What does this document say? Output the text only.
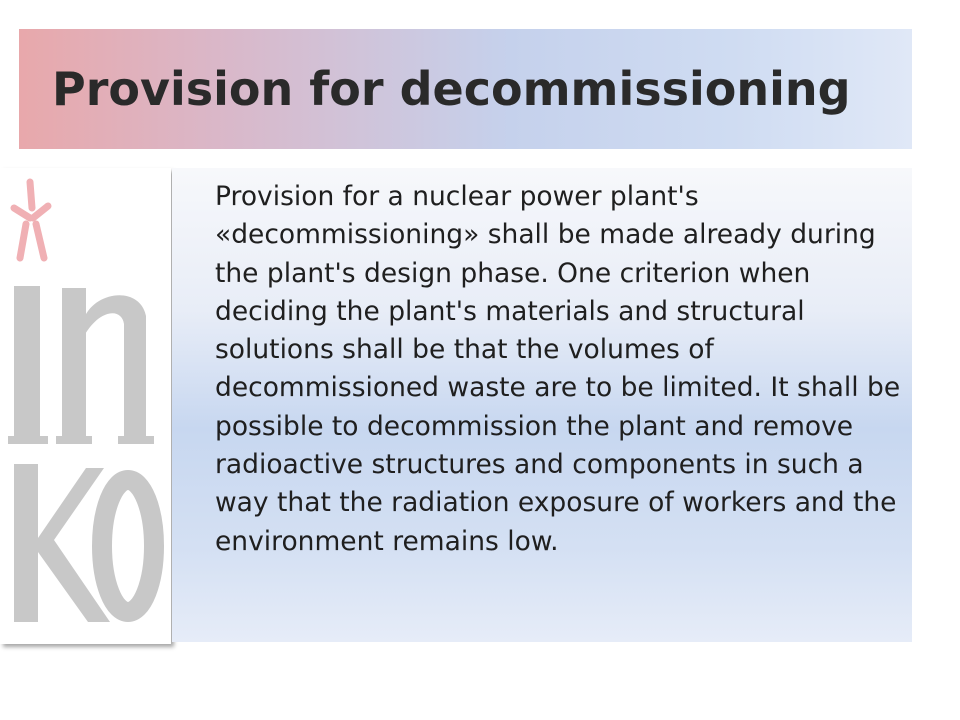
Provision for decommissioning

Provision for a nuclear power plant's «decommissioning» shall be made already during the plant's design phase. One criterion when deciding the plant's materials and structural solutions shall be that the volumes of decommissioned waste are to be limited. It shall be possible to decommission the plant and remove radioactive structures and components in such a way that the radiation exposure of workers and the environment remains low.
